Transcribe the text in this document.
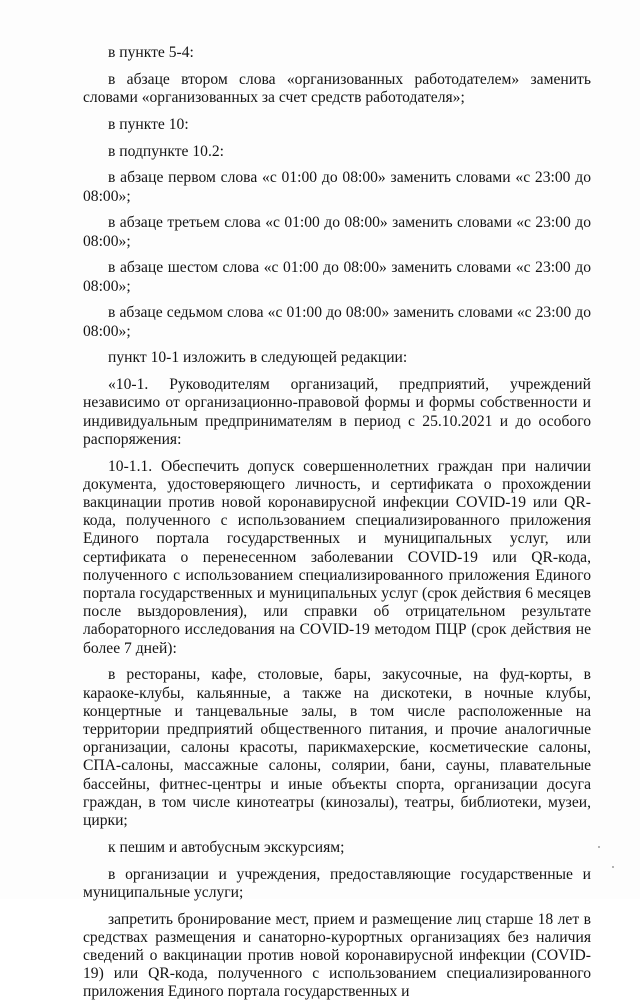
в пункте 5-4:

в абзаце втором слова «организованных работодателем» заменить словами «организованных за счет средств работодателя»;

в пункте 10:

в подпункте 10.2:

в абзаце первом слова «с 01:00 до 08:00» заменить словами «с 23:00 до 08:00»;

в абзаце третьем слова «с 01:00 до 08:00» заменить словами «с 23:00 до 08:00»;

в абзаце шестом слова «с 01:00 до 08:00» заменить словами «с 23:00 до 08:00»;

в абзаце седьмом слова «с 01:00 до 08:00» заменить словами «с 23:00 до 08:00»;

пункт 10-1 изложить в следующей редакции:

«10-1. Руководителям организаций, предприятий, учреждений независимо от организационно-правовой формы и формы собственности и индивидуальным предпринимателям в период с 25.10.2021 и до особого распоряжения:

10-1.1. Обеспечить допуск совершеннолетних граждан при наличии документа, удостоверяющего личность, и сертификата о прохождении вакцинации против новой коронавирусной инфекции COVID-19 или QR-кода, полученного с использованием специализированного приложения Единого портала государственных и муниципальных услуг, или сертификата о перенесенном заболевании COVID-19 или QR-кода, полученного с использованием специализированного приложения Единого портала государственных и муниципальных услуг (срок действия 6 месяцев после выздоровления), или справки об отрицательном результате лабораторного исследования на COVID-19 методом ПЦР (срок действия не более 7 дней):

в рестораны, кафе, столовые, бары, закусочные, на фуд-корты, в караоке-клубы, кальянные, а также на дискотеки, в ночные клубы, концертные и танцевальные залы, в том числе расположенные на территории предприятий общественного питания, и прочие аналогичные организации, салоны красоты, парикмахерские, косметические салоны, СПА-салоны, массажные салоны, солярии, бани, сауны, плавательные бассейны, фитнес-центры и иные объекты спорта, организации досуга граждан, в том числе кинотеатры (кинозалы), театры, библиотеки, музеи, цирки;

к пешим и автобусным экскурсиям;

в организации и учреждения, предоставляющие государственные и муниципальные услуги;

запретить бронирование мест, прием и размещение лиц старше 18 лет в средствах размещения и санаторно-курортных организациях без наличия сведений о вакцинации против новой коронавирусной инфекции (COVID-19) или QR-кода, полученного с использованием специализированного приложения Единого портала государственных и
